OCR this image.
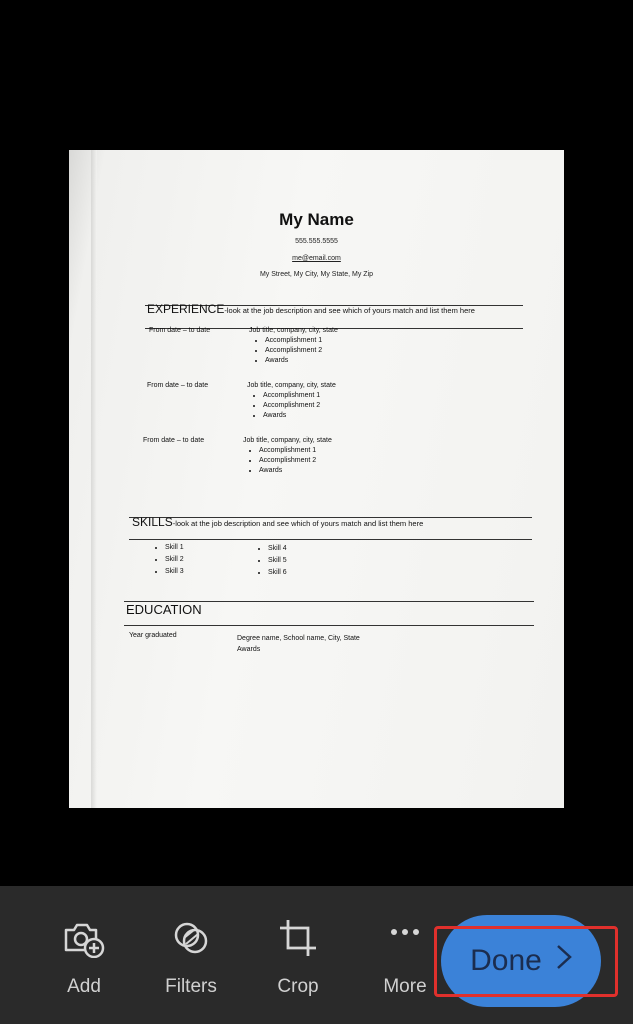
My Name
555.555.5555
me@email.com
My Street, My City, My State, My Zip
EXPERIENCE-look at the job description and see which of yours match and list them here
From date – to date	Job title, company, city, state
• Accomplishment 1
• Accomplishment 2
• Awards
From date – to date	Job title, company, city, state
• Accomplishment 1
• Accomplishment 2
• Awards
From date – to date	Job title, company, city, state
• Accomplishment 1
• Accomplishment 2
• Awards
SKILLS-look at the job description and see which of yours match and list them here
• Skill 1
• Skill 2
• Skill 3
• Skill 4
• Skill 5
• Skill 6
EDUCATION
Year graduated	Degree name, School name, City, State
Awards
Add	Filters	Crop	More
Done
